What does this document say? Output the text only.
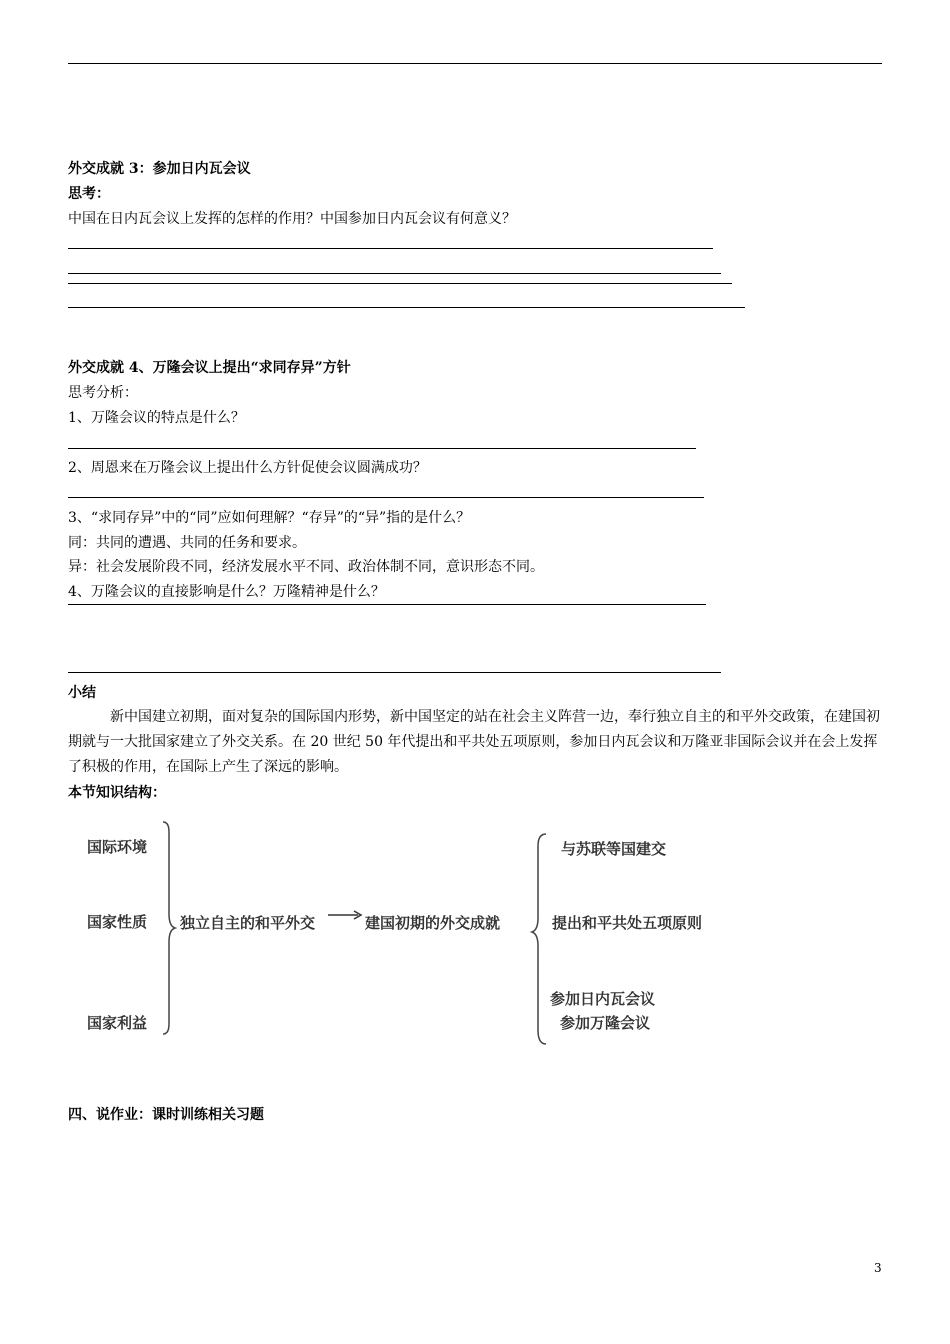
外交成就 3：参加日内瓦会议
思考：
中国在日内瓦会议上发挥的怎样的作用？中国参加日内瓦会议有何意义？
外交成就 4、万隆会议上提出“求同存异”方针
思考分析：
1、万隆会议的特点是什么？
2、周恩来在万隆会议上提出什么方针促使会议圆满成功？
3、“求同存异”中的“同”应如何理解？“存异”的“异”指的是什么？
同：共同的遭遇、共同的任务和要求。
异：社会发展阶段不同，经济发展水平不同、政治体制不同，意识形态不同。
4、万隆会议的直接影响是什么？万隆精神是什么？
小结
新中国建立初期，面对复杂的国际国内形势，新中国坚定的站在社会主义阵营一边，奉行独立自主的和平外交政策，在建国初期就与一大批国家建立了外交关系。在 20 世纪 50 年代提出和平共处五项原则，参加日内瓦会议和万隆亚非国际会议并在会上发挥了积极的作用，在国际上产生了深远的影响。
本节知识结构：
国际环境
国家性质
国家利益
独立自主的和平外交	建国初期的外交成就
与苏联等国建交
提出和平共处五项原则
参加日内瓦会议
参加万隆会议
四、说作业：课时训练相关习题
3
